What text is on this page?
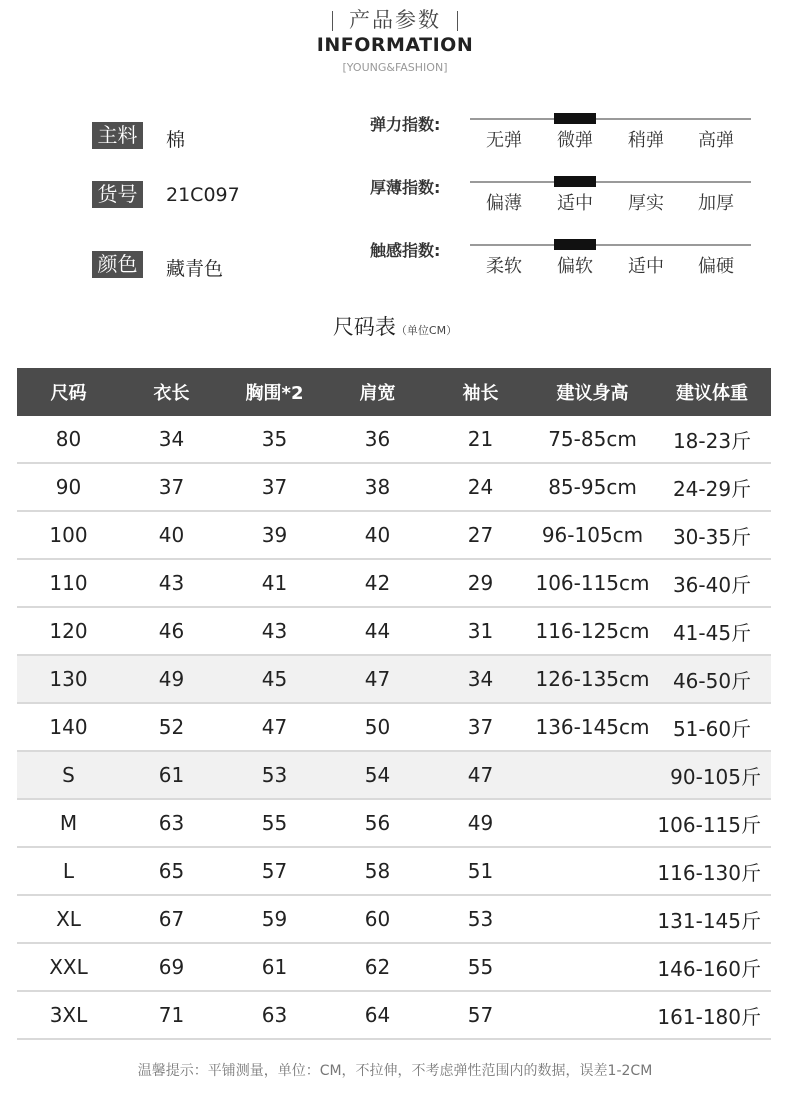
产品参数
INFORMATION
[YOUNG&FASHION]
主料 棉
货号 21C097
颜色 藏青色
弹力指数:
无弹	微弹	稍弹	高弹
厚薄指数:
偏薄	适中	厚实	加厚
触感指数:
柔软	偏软	适中	偏硬
尺码表（单位CM）
尺码	衣长	胸围*2	肩宽	袖长	建议身高	建议体重
80	34	35	36	21	75-85cm	18-23斤
90	37	37	38	24	85-95cm	24-29斤
100	40	39	40	27	96-105cm	30-35斤
110	43	41	42	29	106-115cm	36-40斤
120	46	43	44	31	116-125cm	41-45斤
130	49	45	47	34	126-135cm	46-50斤
140	52	47	50	37	136-145cm	51-60斤
S	61	53	54	47		90-105斤
M	63	55	56	49		106-115斤
L	65	57	58	51		116-130斤
XL	67	59	60	53		131-145斤
XXL	69	61	62	55		146-160斤
3XL	71	63	64	57		161-180斤
温馨提示：平铺测量，单位：CM，不拉伸，不考虑弹性范围内的数据，误差1-2CM
